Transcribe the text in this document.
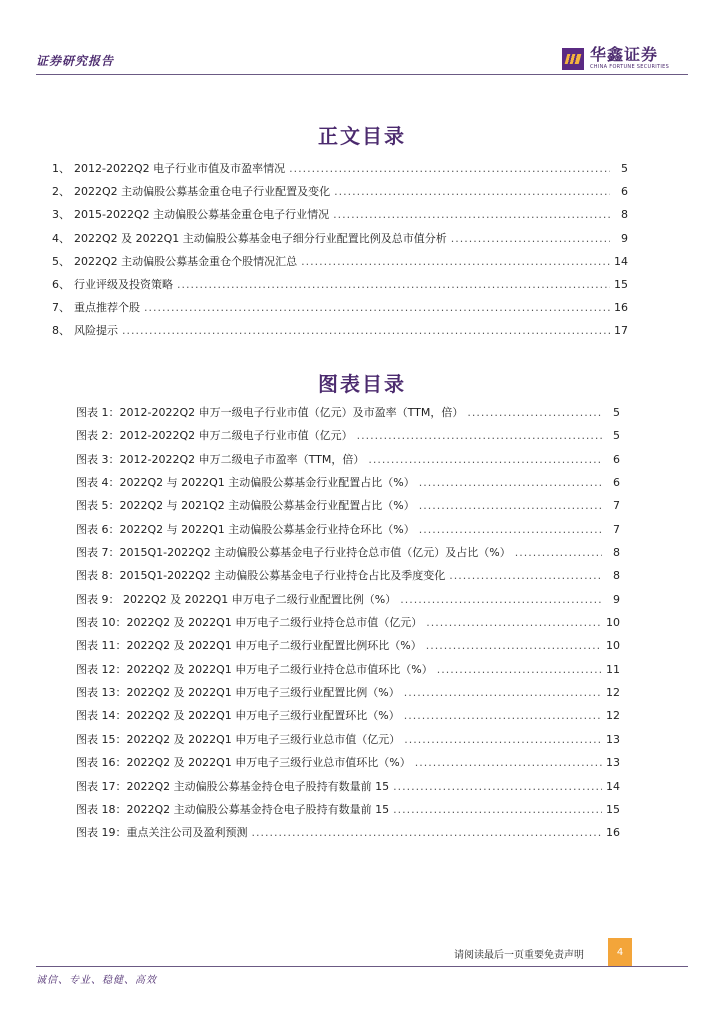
证券研究报告	华鑫证券
CHINA FORTUNE SECURITIES
正文目录
1、 2012-2022Q2 电子行业市值及市盈率情况 .....	5
2、 2022Q2 主动偏股公募基金重仓电子行业配置及变化 .....	6
3、 2015-2022Q2 主动偏股公募基金重仓电子行业情况 .....	8
4、 2022Q2 及 2022Q1 主动偏股公募基金电子细分行业配置比例及总市值分析 .....	9
5、 2022Q2 主动偏股公募基金重仓个股情况汇总 .....	14
6、 行业评级及投资策略 .....	15
7、 重点推荐个股 .....	16
8、 风险提示 .....	17
图表目录
图表 1：2012-2022Q2 申万一级电子行业市值（亿元）及市盈率（TTM，倍） .....	5
图表 2：2012-2022Q2 申万二级电子行业市值（亿元） .....	5
图表 3：2012-2022Q2 申万二级电子市盈率（TTM，倍） .....	6
图表 4：2022Q2 与 2022Q1 主动偏股公募基金行业配置占比（%） .....	6
图表 5：2022Q2 与 2021Q2 主动偏股公募基金行业配置占比（%） .....	7
图表 6：2022Q2 与 2022Q1 主动偏股公募基金行业持仓环比（%） .....	7
图表 7：2015Q1-2022Q2 主动偏股公募基金电子行业持仓总市值（亿元）及占比（%） .....	8
图表 8：2015Q1-2022Q2 主动偏股公募基金电子行业持仓占比及季度变化 .....	8
图表 9： 2022Q2 及 2022Q1 申万电子二级行业配置比例（%） .....	9
图表 10：2022Q2 及 2022Q1 申万电子二级行业持仓总市值（亿元） .....	10
图表 11：2022Q2 及 2022Q1 申万电子二级行业配置比例环比（%） .....	10
图表 12：2022Q2 及 2022Q1 申万电子二级行业持仓总市值环比（%） .....	11
图表 13：2022Q2 及 2022Q1 申万电子三级行业配置比例（%） .....	12
图表 14：2022Q2 及 2022Q1 申万电子三级行业配置环比（%） .....	12
图表 15：2022Q2 及 2022Q1 申万电子三级行业总市值（亿元） .....	13
图表 16：2022Q2 及 2022Q1 申万电子三级行业总市值环比（%） .....	13
图表 17：2022Q2 主动偏股公募基金持仓电子股持有数量前 15 .....	14
图表 18：2022Q2 主动偏股公募基金持仓电子股持有数量前 15 .....	15
图表 19：重点关注公司及盈利预测 .....	16
请阅读最后一页重要免责声明	4
诚信、专业、稳健、高效
